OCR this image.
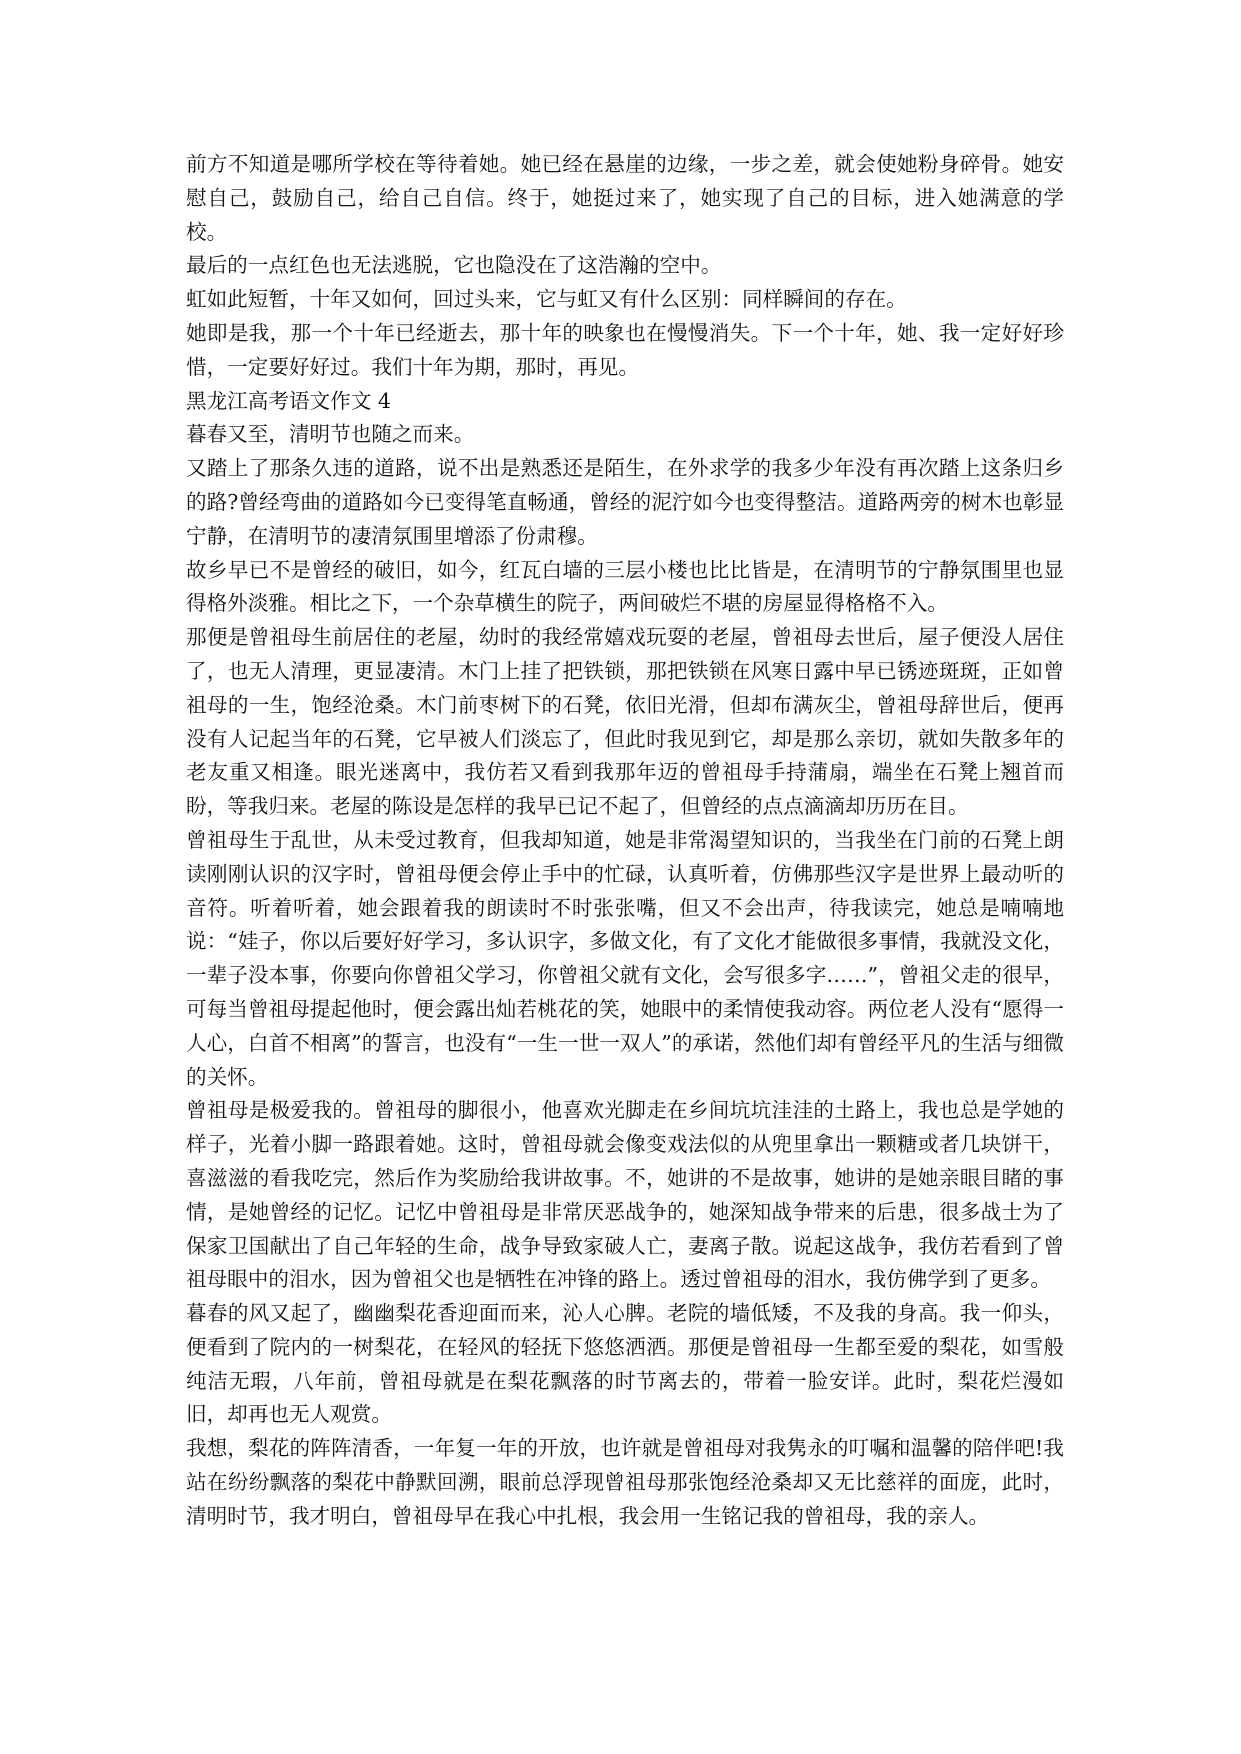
前方不知道是哪所学校在等待着她。她已经在悬崖的边缘，一步之差，就会使她粉身碎骨。她安慰自己，鼓励自己，给自己自信。终于，她挺过来了，她实现了自己的目标，进入她满意的学校。

最后的一点红色也无法逃脱，它也隐没在了这浩瀚的空中。

虹如此短暂，十年又如何，回过头来，它与虹又有什么区别：同样瞬间的存在。

她即是我，那一个十年已经逝去，那十年的映象也在慢慢消失。下一个十年，她、我一定好好珍惜，一定要好好过。我们十年为期，那时，再见。

黑龙江高考语文作文 4

暮春又至，清明节也随之而来。

又踏上了那条久违的道路，说不出是熟悉还是陌生，在外求学的我多少年没有再次踏上这条归乡的路?曾经弯曲的道路如今已变得笔直畅通，曾经的泥泞如今也变得整洁。道路两旁的树木也彰显宁静，在清明节的凄清氛围里增添了份肃穆。

故乡早已不是曾经的破旧，如今，红瓦白墙的三层小楼也比比皆是，在清明节的宁静氛围里也显得格外淡雅。相比之下，一个杂草横生的院子，两间破烂不堪的房屋显得格格不入。

那便是曾祖母生前居住的老屋，幼时的我经常嬉戏玩耍的老屋，曾祖母去世后，屋子便没人居住了，也无人清理，更显凄清。木门上挂了把铁锁，那把铁锁在风寒日露中早已锈迹斑斑，正如曾祖母的一生，饱经沧桑。木门前枣树下的石凳，依旧光滑，但却布满灰尘，曾祖母辞世后，便再没有人记起当年的石凳，它早被人们淡忘了，但此时我见到它，却是那么亲切，就如失散多年的老友重又相逢。眼光迷离中，我仿若又看到我那年迈的曾祖母手持蒲扇，端坐在石凳上翘首而盼，等我归来。老屋的陈设是怎样的我早已记不起了，但曾经的点点滴滴却历历在目。

曾祖母生于乱世，从未受过教育，但我却知道，她是非常渴望知识的，当我坐在门前的石凳上朗读刚刚认识的汉字时，曾祖母便会停止手中的忙碌，认真听着，仿佛那些汉字是世界上最动听的音符。听着听着，她会跟着我的朗读时不时张张嘴，但又不会出声，待我读完，她总是喃喃地说：“娃子，你以后要好好学习，多认识字，多做文化，有了文化才能做很多事情，我就没文化，一辈子没本事，你要向你曾祖父学习，你曾祖父就有文化，会写很多字……”，曾祖父走的很早，可每当曾祖母提起他时，便会露出灿若桃花的笑，她眼中的柔情使我动容。两位老人没有“愿得一人心，白首不相离”的誓言，也没有“一生一世一双人”的承诺，然他们却有曾经平凡的生活与细微的关怀。

曾祖母是极爱我的。曾祖母的脚很小，他喜欢光脚走在乡间坑坑洼洼的土路上，我也总是学她的样子，光着小脚一路跟着她。这时，曾祖母就会像变戏法似的从兜里拿出一颗糖或者几块饼干，喜滋滋的看我吃完，然后作为奖励给我讲故事。不，她讲的不是故事，她讲的是她亲眼目睹的事情，是她曾经的记忆。记忆中曾祖母是非常厌恶战争的，她深知战争带来的后患，很多战士为了保家卫国献出了自己年轻的生命，战争导致家破人亡，妻离子散。说起这战争，我仿若看到了曾祖母眼中的泪水，因为曾祖父也是牺牲在冲锋的路上。透过曾祖母的泪水，我仿佛学到了更多。

暮春的风又起了，幽幽梨花香迎面而来，沁人心脾。老院的墙低矮，不及我的身高。我一仰头，便看到了院内的一树梨花，在轻风的轻抚下悠悠洒洒。那便是曾祖母一生都至爱的梨花，如雪般纯洁无瑕，八年前，曾祖母就是在梨花飘落的时节离去的，带着一脸安详。此时，梨花烂漫如旧，却再也无人观赏。

我想，梨花的阵阵清香，一年复一年的开放，也许就是曾祖母对我隽永的叮嘱和温馨的陪伴吧!我站在纷纷飘落的梨花中静默回溯，眼前总浮现曾祖母那张饱经沧桑却又无比慈祥的面庞，此时，清明时节，我才明白，曾祖母早在我心中扎根，我会用一生铭记我的曾祖母，我的亲人。
